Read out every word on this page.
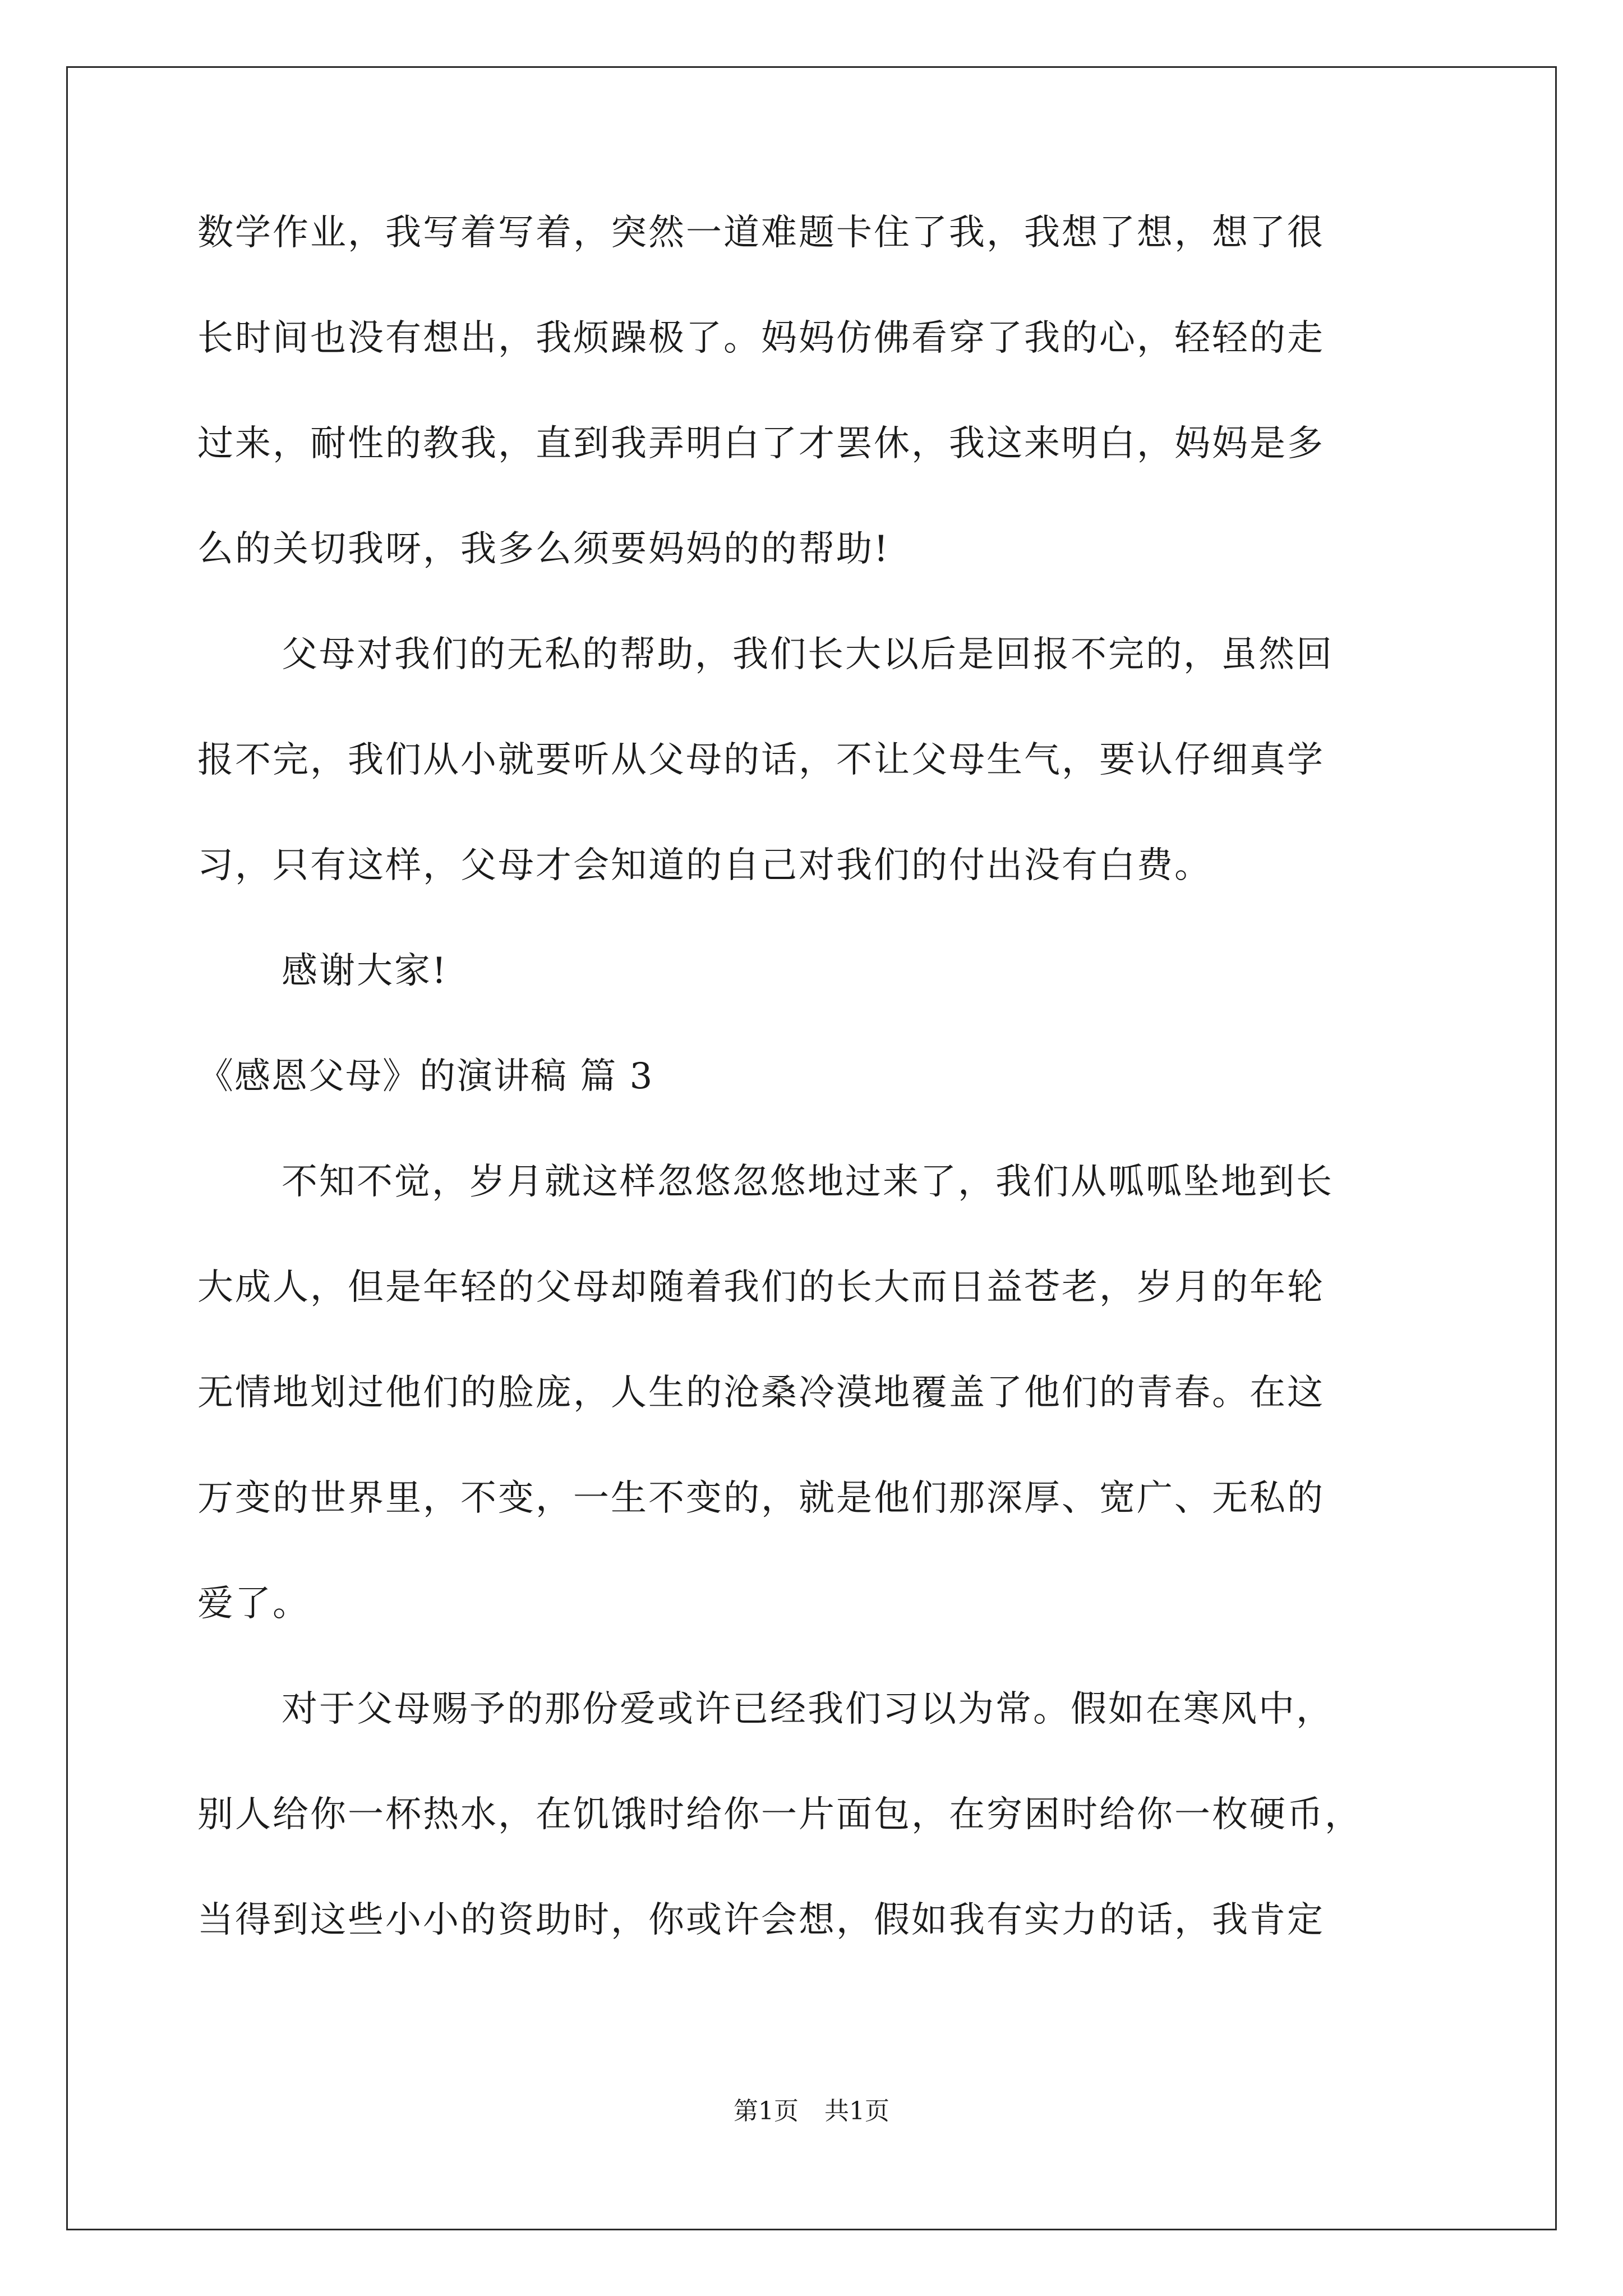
数学作业，我写着写着，突然一道难题卡住了我，我想了想，想了很
长时间也没有想出，我烦躁极了。妈妈仿佛看穿了我的心，轻轻的走
过来，耐性的教我，直到我弄明白了才罢休，我这来明白，妈妈是多
么的关切我呀，我多么须要妈妈的的帮助!
父母对我们的无私的帮助，我们长大以后是回报不完的，虽然回
报不完，我们从小就要听从父母的话，不让父母生气，要认仔细真学
习，只有这样，父母才会知道的自己对我们的付出没有白费。
感谢大家!
《感恩父母》的演讲稿 篇 3
不知不觉，岁月就这样忽悠忽悠地过来了，我们从呱呱坠地到长
大成人，但是年轻的父母却随着我们的长大而日益苍老，岁月的年轮
无情地划过他们的脸庞，人生的沧桑冷漠地覆盖了他们的青春。在这
万变的世界里，不变，一生不变的，就是他们那深厚、宽广、无私的
爱了。
对于父母赐予的那份爱或许已经我们习以为常。假如在寒风中，
别人给你一杯热水，在饥饿时给你一片面包，在穷困时给你一枚硬币，
当得到这些小小的资助时，你或许会想，假如我有实力的话，我肯定
第1页 共1页
